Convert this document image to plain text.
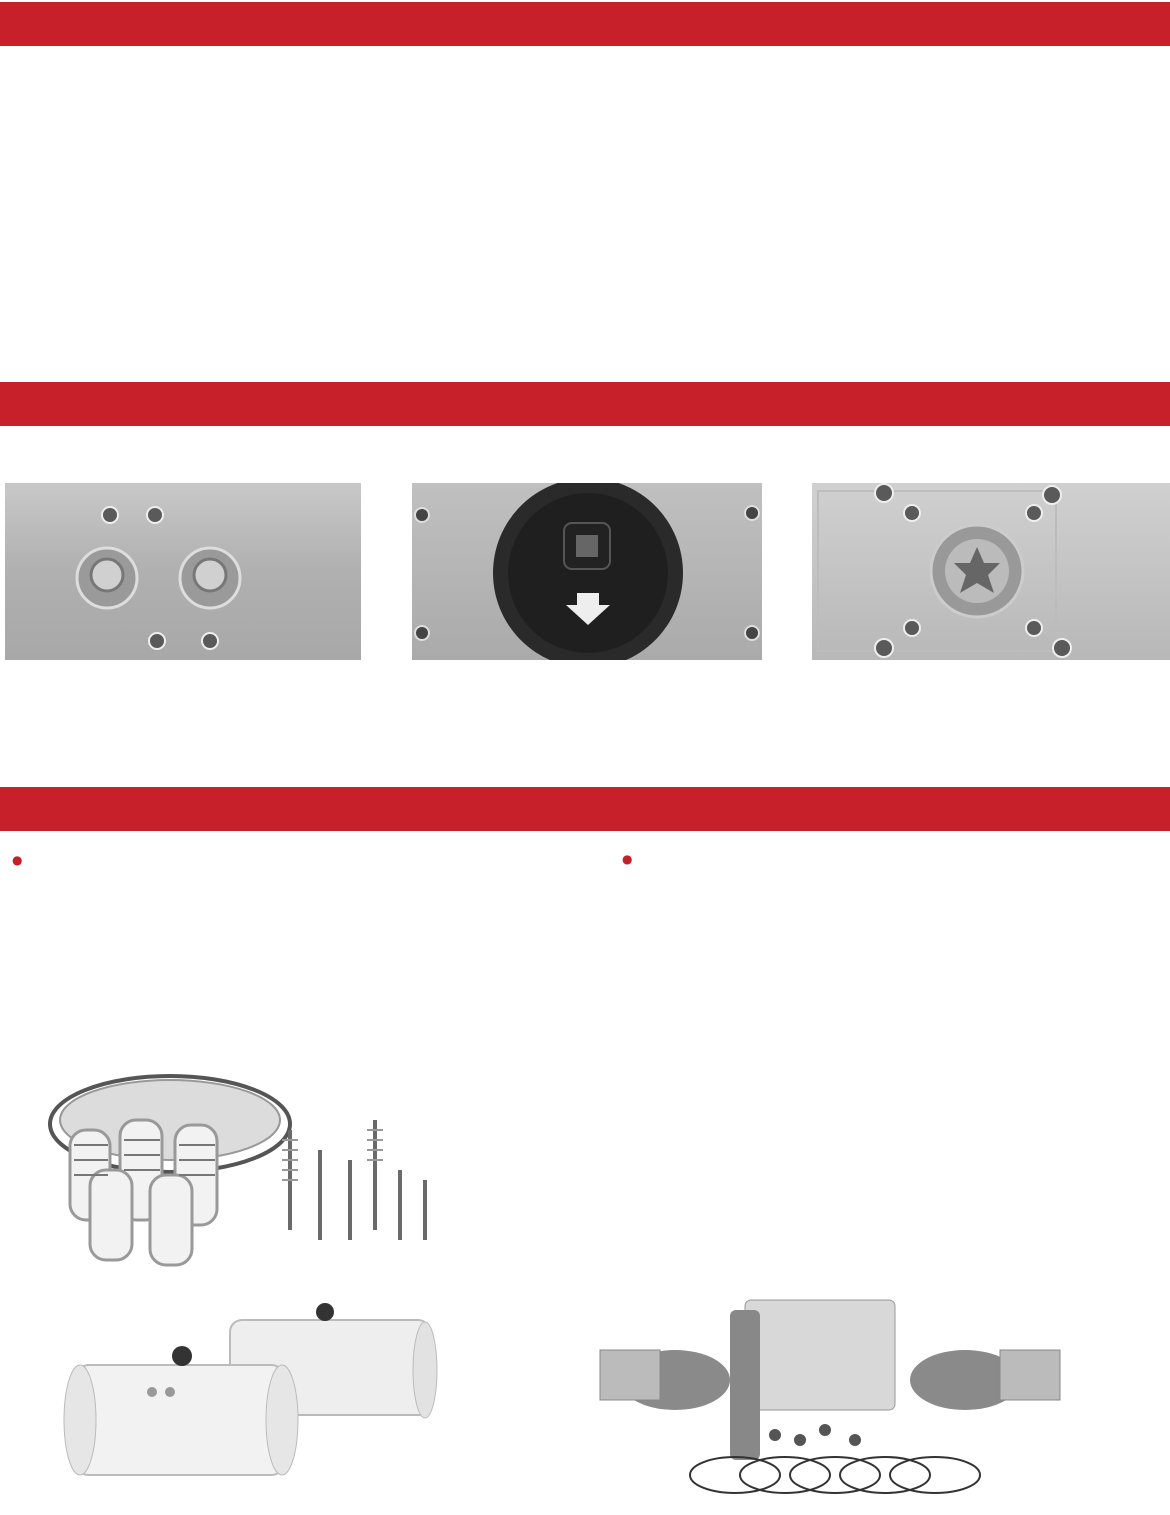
●	●
